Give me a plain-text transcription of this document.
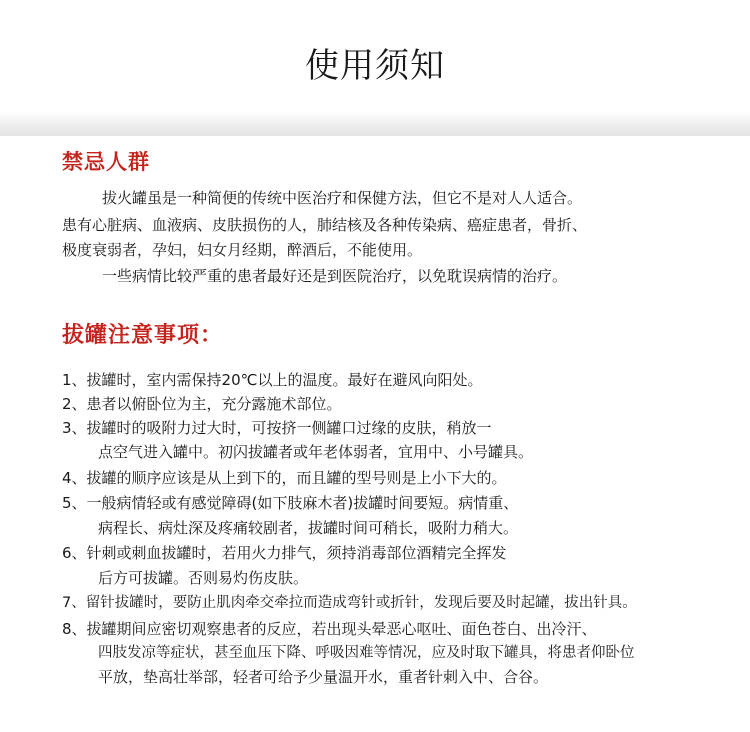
使用须知
禁忌人群
拔火罐虽是一种简便的传统中医治疗和保健方法，但它不是对人人适合。
患有心脏病、血液病、皮肤损伤的人，肺结核及各种传染病、癌症患者，骨折、
极度衰弱者，孕妇，妇女月经期，醉酒后，不能使用。
一些病情比较严重的患者最好还是到医院治疗，以免耽误病情的治疗。
拔罐注意事项：
1、拔罐时，室内需保持20℃以上的温度。最好在避风向阳处。
2、患者以俯卧位为主，充分露施术部位。
3、拔罐时的吸附力过大时，可按挤一侧罐口过缘的皮肤，稍放一
点空气进入罐中。初闪拔罐者或年老体弱者，宜用中、小号罐具。
4、拔罐的顺序应该是从上到下的，而且罐的型号则是上小下大的。
5、一般病情轻或有感觉障碍(如下肢麻木者)拔罐时间要短。病情重、
病程长、病灶深及疼痛较剧者，拔罐时间可稍长，吸附力稍大。
6、针刺或刺血拔罐时，若用火力排气，须持消毒部位酒精完全挥发
后方可拔罐。否则易灼伤皮肤。
7、留针拔罐时，要防止肌肉牵交牵拉而造成弯针或折针，发现后要及时起罐，拔出针具。
8、拔罐期间应密切观察患者的反应，若出现头晕恶心呕吐、面色苍白、出冷汗、
四肢发凉等症状，甚至血压下降、呼吸因难等情况，应及时取下罐具，将患者仰卧位
平放，垫高壮举部，轻者可给予少量温开水，重者针刺入中、合谷。
